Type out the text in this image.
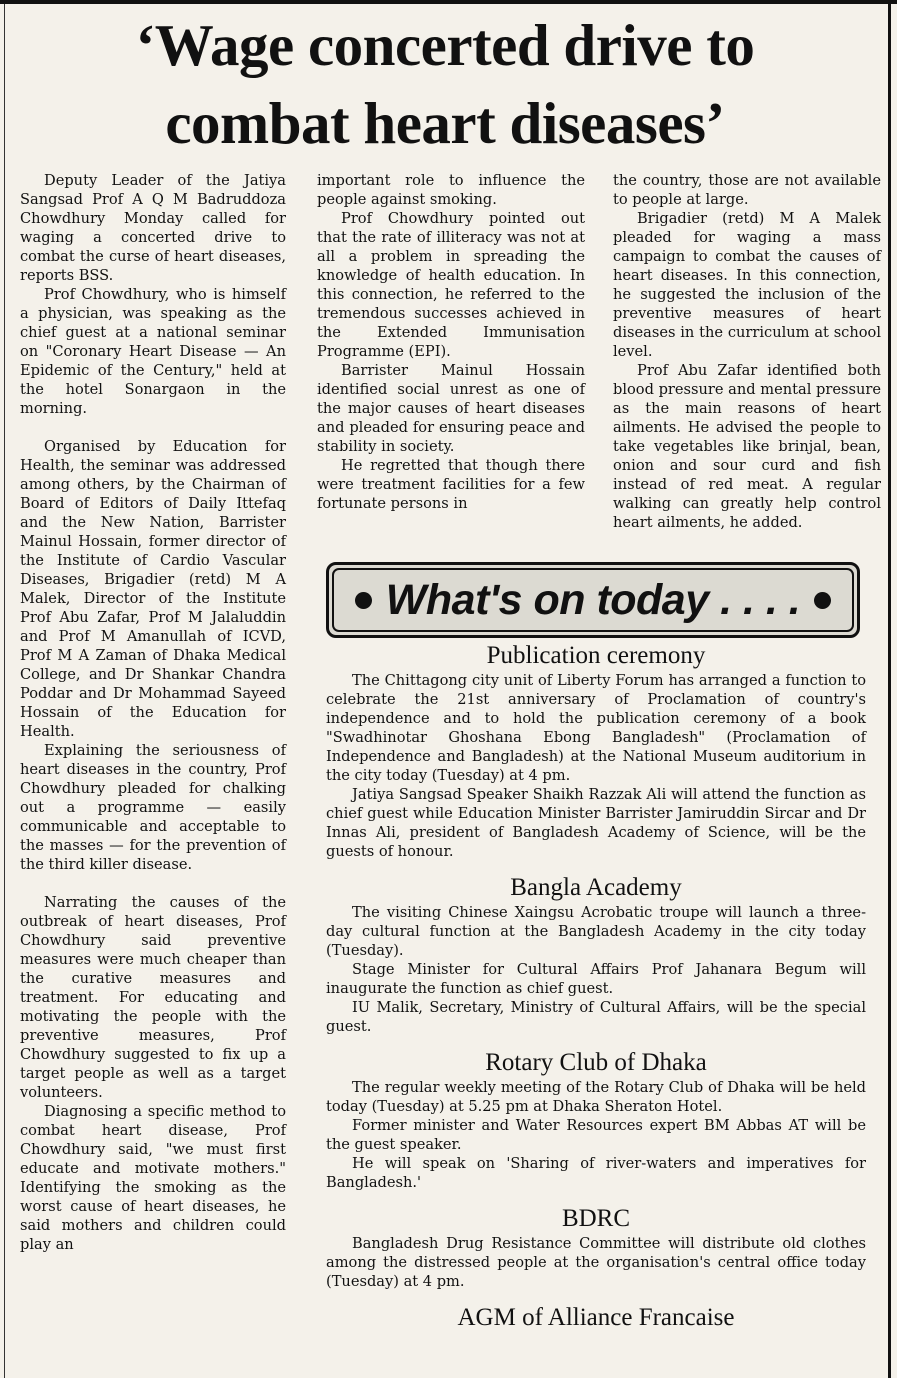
‘Wage concerted drive to
combat heart diseases’

Deputy Leader of the Jatiya Sangsad Prof A Q M Badruddoza Chowdhury Monday called for waging a concerted drive to combat the curse of heart diseases, reports BSS.

Prof Chowdhury, who is himself a physician, was speaking as the chief guest at a national seminar on "Coronary Heart Disease — An Epidemic of the Century," held at the hotel Sonargaon in the morning.

Organised by Education for Health, the seminar was addressed among others, by the Chairman of Board of Editors of Daily Ittefaq and the New Nation, Barrister Mainul Hossain, former director of the Institute of Cardio Vascular Diseases, Brigadier (retd) M A Malek, Director of the Institute Prof Abu Zafar, Prof M Jalaluddin and Prof M Amanullah of ICVD, Prof M A Zaman of Dhaka Medical College, and Dr Shankar Chandra Poddar and Dr Mohammad Sayeed Hossain of the Education for Health.

Explaining the seriousness of heart diseases in the country, Prof Chowdhury pleaded for chalking out a programme — easily communicable and acceptable to the masses — for the prevention of the third killer disease.

Narrating the causes of the outbreak of heart diseases, Prof Chowdhury said preventive measures were much cheaper than the curative measures and treatment. For educating and motivating the people with the preventive measures, Prof Chowdhury suggested to fix up a target people as well as a target volunteers.

Diagnosing a specific method to combat heart disease, Prof Chowdhury said, "we must first educate and motivate mothers." Identifying the smoking as the worst cause of heart diseases, he said mothers and children could play an

important role to influence the people against smoking.

Prof Chowdhury pointed out that the rate of illiteracy was not at all a problem in spreading the knowledge of health education. In this connection, he referred to the tremendous successes achieved in the Extended Immunisation Programme (EPI).

Barrister Mainul Hossain identified social unrest as one of the major causes of heart diseases and pleaded for ensuring peace and stability in society.

He regretted that though there were treatment facilities for a few fortunate persons in

the country, those are not available to people at large.

Brigadier (retd) M A Malek pleaded for waging a mass campaign to combat the causes of heart diseases. In this connection, he suggested the inclusion of the preventive measures of heart diseases in the curriculum at school level.

Prof Abu Zafar identified both blood pressure and mental pressure as the main reasons of heart ailments. He advised the people to take vegetables like brinjal, bean, onion and sour curd and fish instead of red meat. A regular walking can greatly help control heart ailments, he added.

What's on today . . . .
Publication ceremony

The Chittagong city unit of Liberty Forum has arranged a function to celebrate the 21st anniversary of Proclamation of country's independence and to hold the publication ceremony of a book "Swadhinotar Ghoshana Ebong Bangladesh" (Proclamation of Independence and Bangladesh) at the National Museum auditorium in the city today (Tuesday) at 4 pm.

Jatiya Sangsad Speaker Shaikh Razzak Ali will attend the function as chief guest while Education Minister Barrister Jamiruddin Sircar and Dr Innas Ali, president of Bangladesh Academy of Science, will be the guests of honour.

Bangla Academy

The visiting Chinese Xaingsu Acrobatic troupe will launch a three-day cultural function at the Bangladesh Academy in the city today (Tuesday).

Stage Minister for Cultural Affairs Prof Jahanara Begum will inaugurate the function as chief guest.

IU Malik, Secretary, Ministry of Cultural Affairs, will be the special guest.

Rotary Club of Dhaka

The regular weekly meeting of the Rotary Club of Dhaka will be held today (Tuesday) at 5.25 pm at Dhaka Sheraton Hotel.

Former minister and Water Resources expert BM Abbas AT will be the guest speaker.

He will speak on 'Sharing of river-waters and imperatives for Bangladesh.'

BDRC

Bangladesh Drug Resistance Committee will distribute old clothes among the distressed people at the organisation's central office today (Tuesday) at 4 pm.

AGM of Alliance Francaise
